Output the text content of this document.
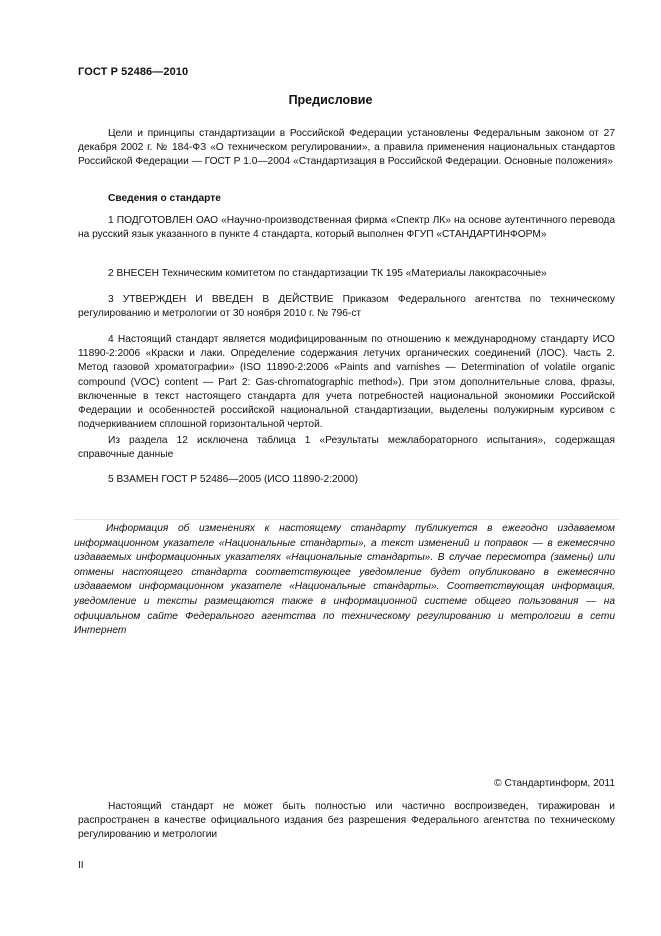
ГОСТ Р 52486—2010
Предисловие
Цели и принципы стандартизации в Российской Федерации установлены Федеральным законом от 27 декабря 2002 г. № 184-ФЗ «О техническом регулировании», а правила применения национальных стандартов Российской Федерации — ГОСТ Р 1.0—2004 «Стандартизация в Российской Федерации. Основные положения»
Сведения о стандарте
1 ПОДГОТОВЛЕН ОАО «Научно-производственная фирма «Спектр ЛК» на основе аутентичного перевода на русский язык указанного в пункте 4 стандарта, который выполнен ФГУП «СТАНДАРТИНФОРМ»
2 ВНЕСЕН Техническим комитетом по стандартизации ТК 195 «Материалы лакокрасочные»
3 УТВЕРЖДЕН И ВВЕДЕН В ДЕЙСТВИЕ Приказом Федерального агентства по техническому регулированию и метрологии от 30 ноября 2010 г. № 796-ст
4 Настоящий стандарт является модифицированным по отношению к международному стандарту ИСО 11890-2:2006 «Краски и лаки. Определение содержания летучих органических соединений (ЛОС). Часть 2. Метод газовой хроматографии» (ISO 11890-2:2006 «Paints and varnishes — Determination of volatile organic compound (VOC) content — Part 2: Gas-chromatographic method»). При этом дополнительные слова, фразы, включенные в текст настоящего стандарта для учета потребностей национальной экономики Российской Федерации и особенностей российской национальной стандартизации, выделены полужирным курсивом с подчеркиванием сплошной горизонтальной чертой.
Из раздела 12 исключена таблица 1 «Результаты межлабораторного испытания», содержащая справочные данные
5 ВЗАМЕН ГОСТ Р 52486—2005 (ИСО 11890-2:2000)
Информация об изменениях к настоящему стандарту публикуется в ежегодно издаваемом информационном указателе «Национальные стандарты», а текст изменений и поправок — в ежемесячно издаваемых информационных указателях «Национальные стандарты». В случае пересмотра (замены) или отмены настоящего стандарта соответствующее уведомление будет опубликовано в ежемесячно издаваемом информационном указателе «Национальные стандарты». Соответствующая информация, уведомление и тексты размещаются также в информационной системе общего пользования — на официальном сайте Федерального агентства по техническому регулированию и метрологии в сети Интернет
© Стандартинформ, 2011
Настоящий стандарт не может быть полностью или частично воспроизведен, тиражирован и распространен в качестве официального издания без разрешения Федерального агентства по техническому регулированию и метрологии
II
